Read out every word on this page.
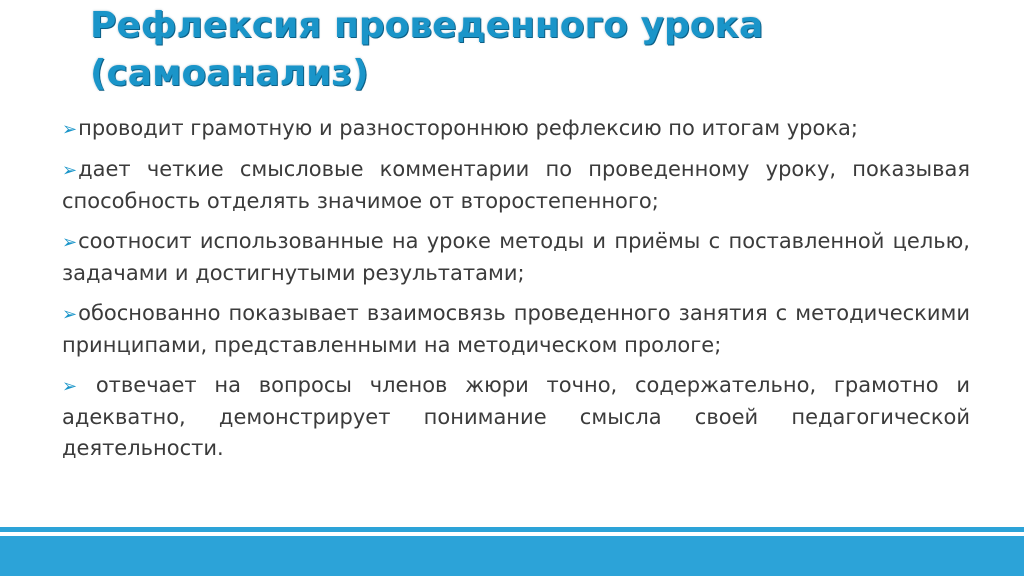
Рефлексия проведенного урока
(самоанализ)
➢проводит грамотную и разностороннюю рефлексию по итогам урока;
➢дает четкие смысловые комментарии по проведенному уроку, показывая способность отделять значимое от второстепенного;
➢соотносит использованные на уроке методы и приёмы с поставленной целью, задачами и достигнутыми результатами;
➢обоснованно показывает взаимосвязь проведенного занятия с методическими принципами, представленными на методическом прологе;
➢ отвечает на вопросы членов жюри точно, содержательно, грамотно и адекватно, демонстрирует понимание смысла своей педагогической деятельности.
